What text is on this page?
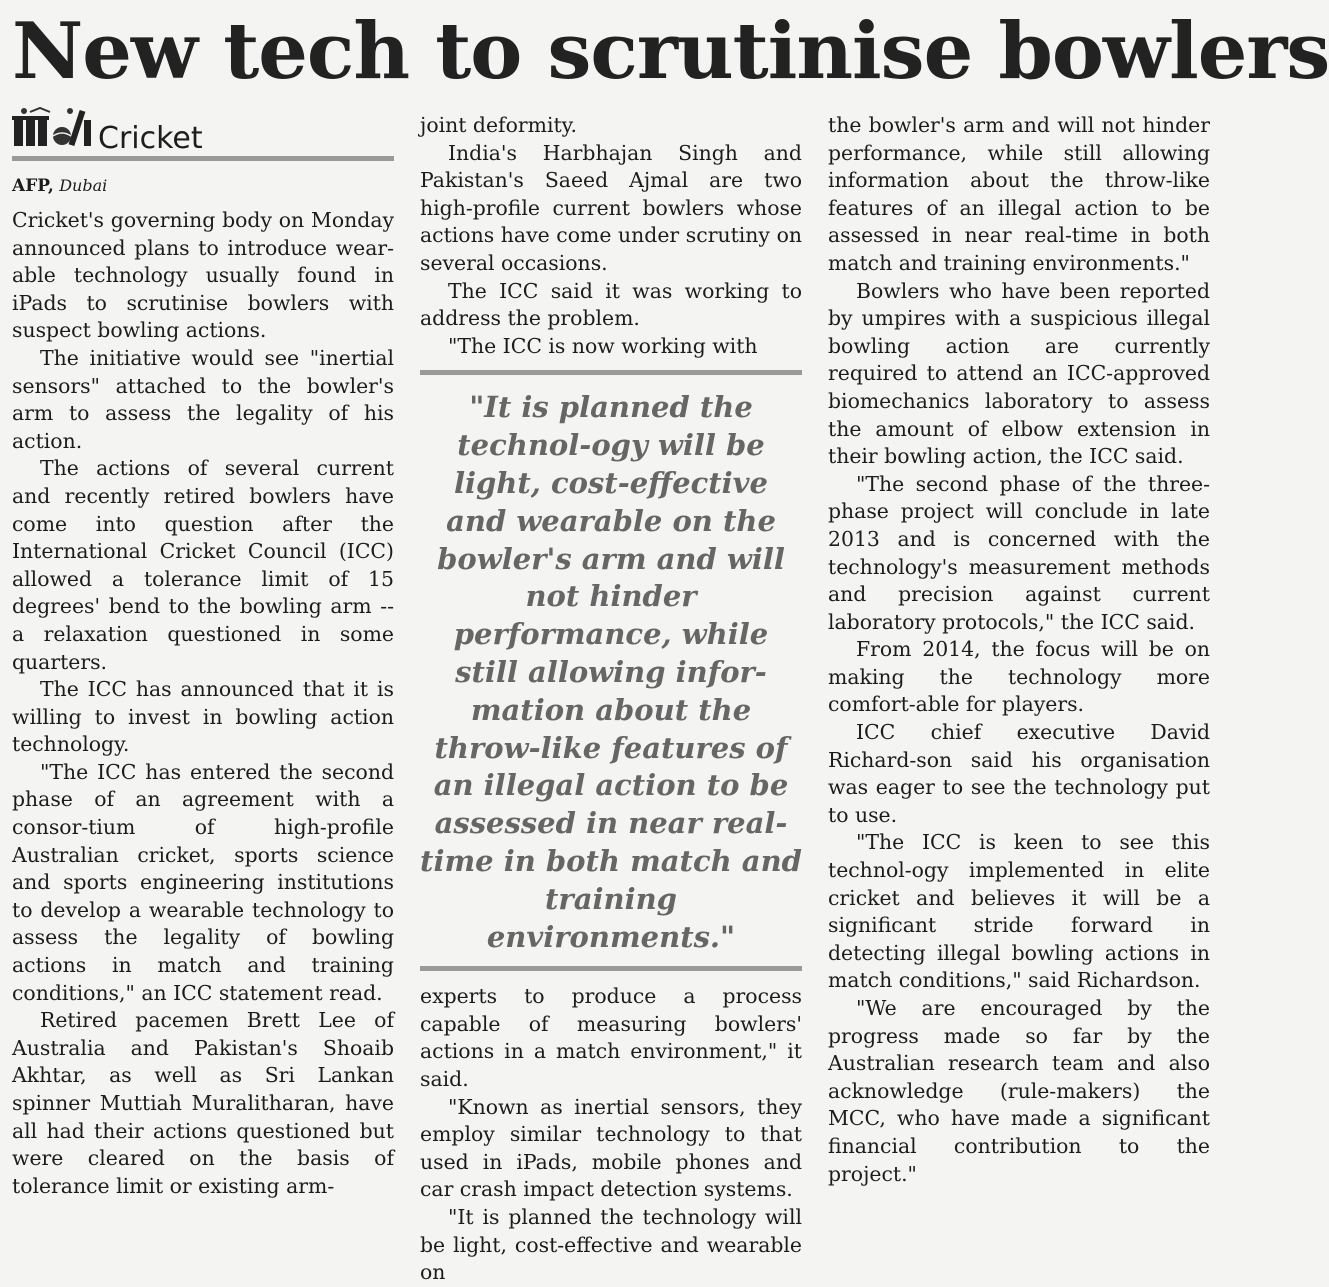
New tech to scrutinise bowlers
Cricket
AFP, Dubai

Cricket's governing body on Monday announced plans to introduce wear-able technology usually found in iPads to scrutinise bowlers with suspect bowling actions.

The initiative would see "inertial sensors" attached to the bowler's arm to assess the legality of his action.

The actions of several current and recently retired bowlers have come into question after the International Cricket Council (ICC) allowed a tolerance limit of 15 degrees' bend to the bowling arm -- a relaxation questioned in some quarters.

The ICC has announced that it is willing to invest in bowling action technology.

"The ICC has entered the second phase of an agreement with a consor-tium of high-profile Australian cricket, sports science and sports engineering institutions to develop a wearable technology to assess the legality of bowling actions in match and training conditions," an ICC statement read.

Retired pacemen Brett Lee of Australia and Pakistan's Shoaib Akhtar, as well as Sri Lankan spinner Muttiah Muralitharan, have all had their actions questioned but were cleared on the basis of tolerance limit or existing arm-

joint deformity.

India's Harbhajan Singh and Pakistan's Saeed Ajmal are two high-profile current bowlers whose actions have come under scrutiny on several occasions.

The ICC said it was working to address the problem.

"The ICC is now working with

"It is planned the technol-ogy will be light, cost-effective and wearable on the bowler's arm and will not hinder performance, while still allowing infor-mation about the throw-like features of an illegal action to be assessed in near real-time in both match and training environments."

experts to produce a process capable of measuring bowlers' actions in a match environment," it said.

"Known as inertial sensors, they employ similar technology to that used in iPads, mobile phones and car crash impact detection systems.

"It is planned the technology will be light, cost-effective and wearable on

the bowler's arm and will not hinder performance, while still allowing information about the throw-like features of an illegal action to be assessed in near real-time in both match and training environments."

Bowlers who have been reported by umpires with a suspicious illegal bowling action are currently required to attend an ICC-approved biomechanics laboratory to assess the amount of elbow extension in their bowling action, the ICC said.

"The second phase of the three-phase project will conclude in late 2013 and is concerned with the technology's measurement methods and precision against current laboratory protocols," the ICC said.

From 2014, the focus will be on making the technology more comfort-able for players.

ICC chief executive David Richard-son said his organisation was eager to see the technology put to use.

"The ICC is keen to see this technol-ogy implemented in elite cricket and believes it will be a significant stride forward in detecting illegal bowling actions in match conditions," said Richardson.

"We are encouraged by the progress made so far by the Australian research team and also acknowledge (rule-makers) the MCC, who have made a significant financial contribution to the project."
